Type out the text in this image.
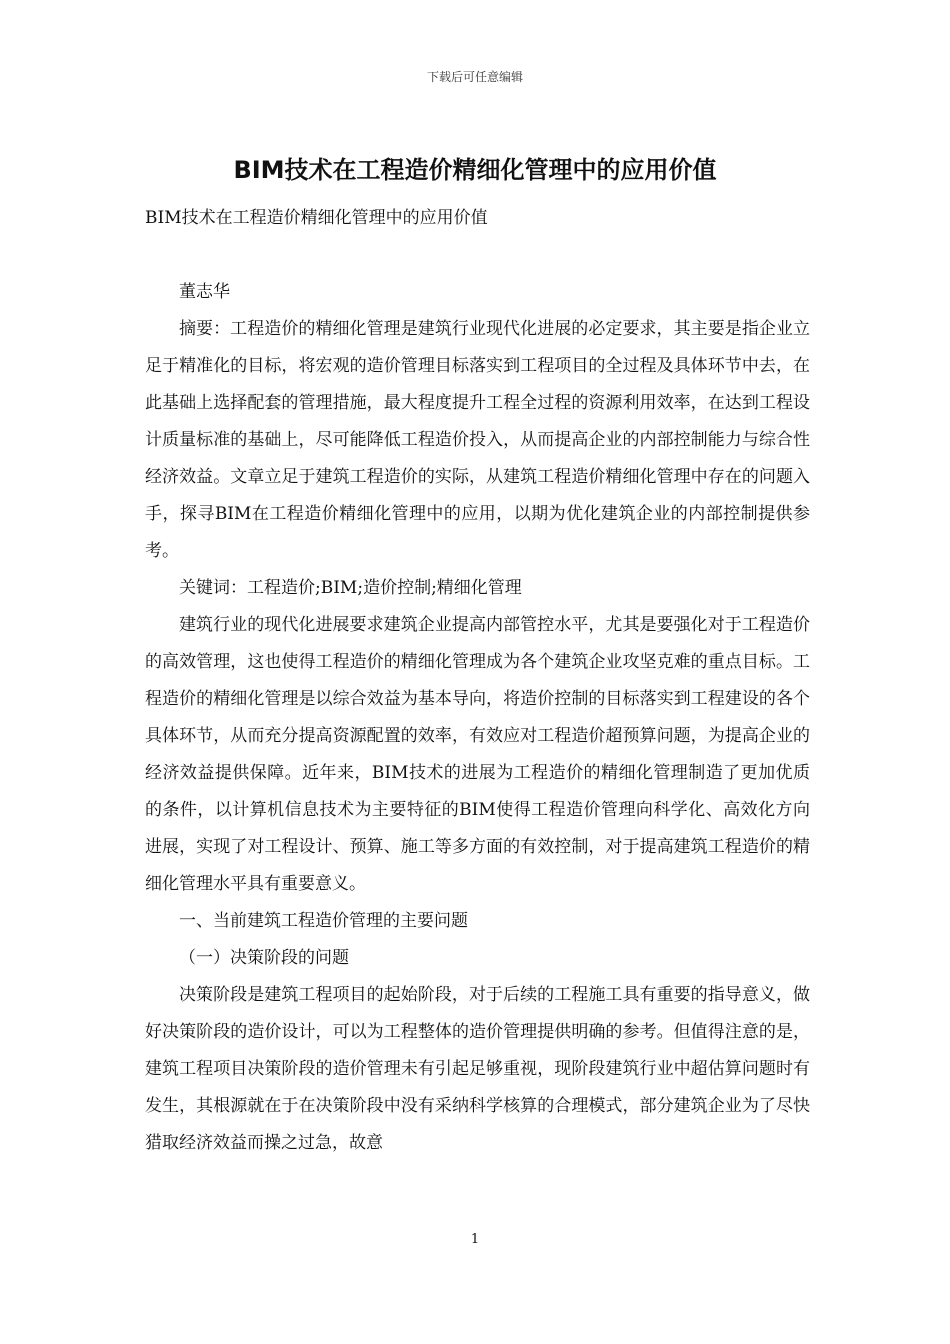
下载后可任意编辑
BIM技术在工程造价精细化管理中的应用价值

BIM技术在工程造价精细化管理中的应用价值

董志华

摘要：工程造价的精细化管理是建筑行业现代化进展的必定要求，其主要是指企业立足于精准化的目标，将宏观的造价管理目标落实到工程项目的全过程及具体环节中去，在此基础上选择配套的管理措施，最大程度提升工程全过程的资源利用效率，在达到工程设计质量标准的基础上，尽可能降低工程造价投入，从而提高企业的内部控制能力与综合性经济效益。文章立足于建筑工程造价的实际，从建筑工程造价精细化管理中存在的问题入手，探寻BIM在工程造价精细化管理中的应用，以期为优化建筑企业的内部控制提供参考。

关键词：工程造价;BIM;造价控制;精细化管理

建筑行业的现代化进展要求建筑企业提高内部管控水平，尤其是要强化对于工程造价的高效管理，这也使得工程造价的精细化管理成为各个建筑企业攻坚克难的重点目标。工程造价的精细化管理是以综合效益为基本导向，将造价控制的目标落实到工程建设的各个具体环节，从而充分提高资源配置的效率，有效应对工程造价超预算问题，为提高企业的经济效益提供保障。近年来，BIM技术的进展为工程造价的精细化管理制造了更加优质的条件，以计算机信息技术为主要特征的BIM使得工程造价管理向科学化、高效化方向进展，实现了对工程设计、预算、施工等多方面的有效控制，对于提高建筑工程造价的精细化管理水平具有重要意义。

一、当前建筑工程造价管理的主要问题

（一）决策阶段的问题

决策阶段是建筑工程项目的起始阶段，对于后续的工程施工具有重要的指导意义，做好决策阶段的造价设计，可以为工程整体的造价管理提供明确的参考。但值得注意的是，建筑工程项目决策阶段的造价管理未有引起足够重视，现阶段建筑行业中超估算问题时有发生，其根源就在于在决策阶段中没有采纳科学核算的合理模式，部分建筑企业为了尽快猎取经济效益而操之过急，故意

1
